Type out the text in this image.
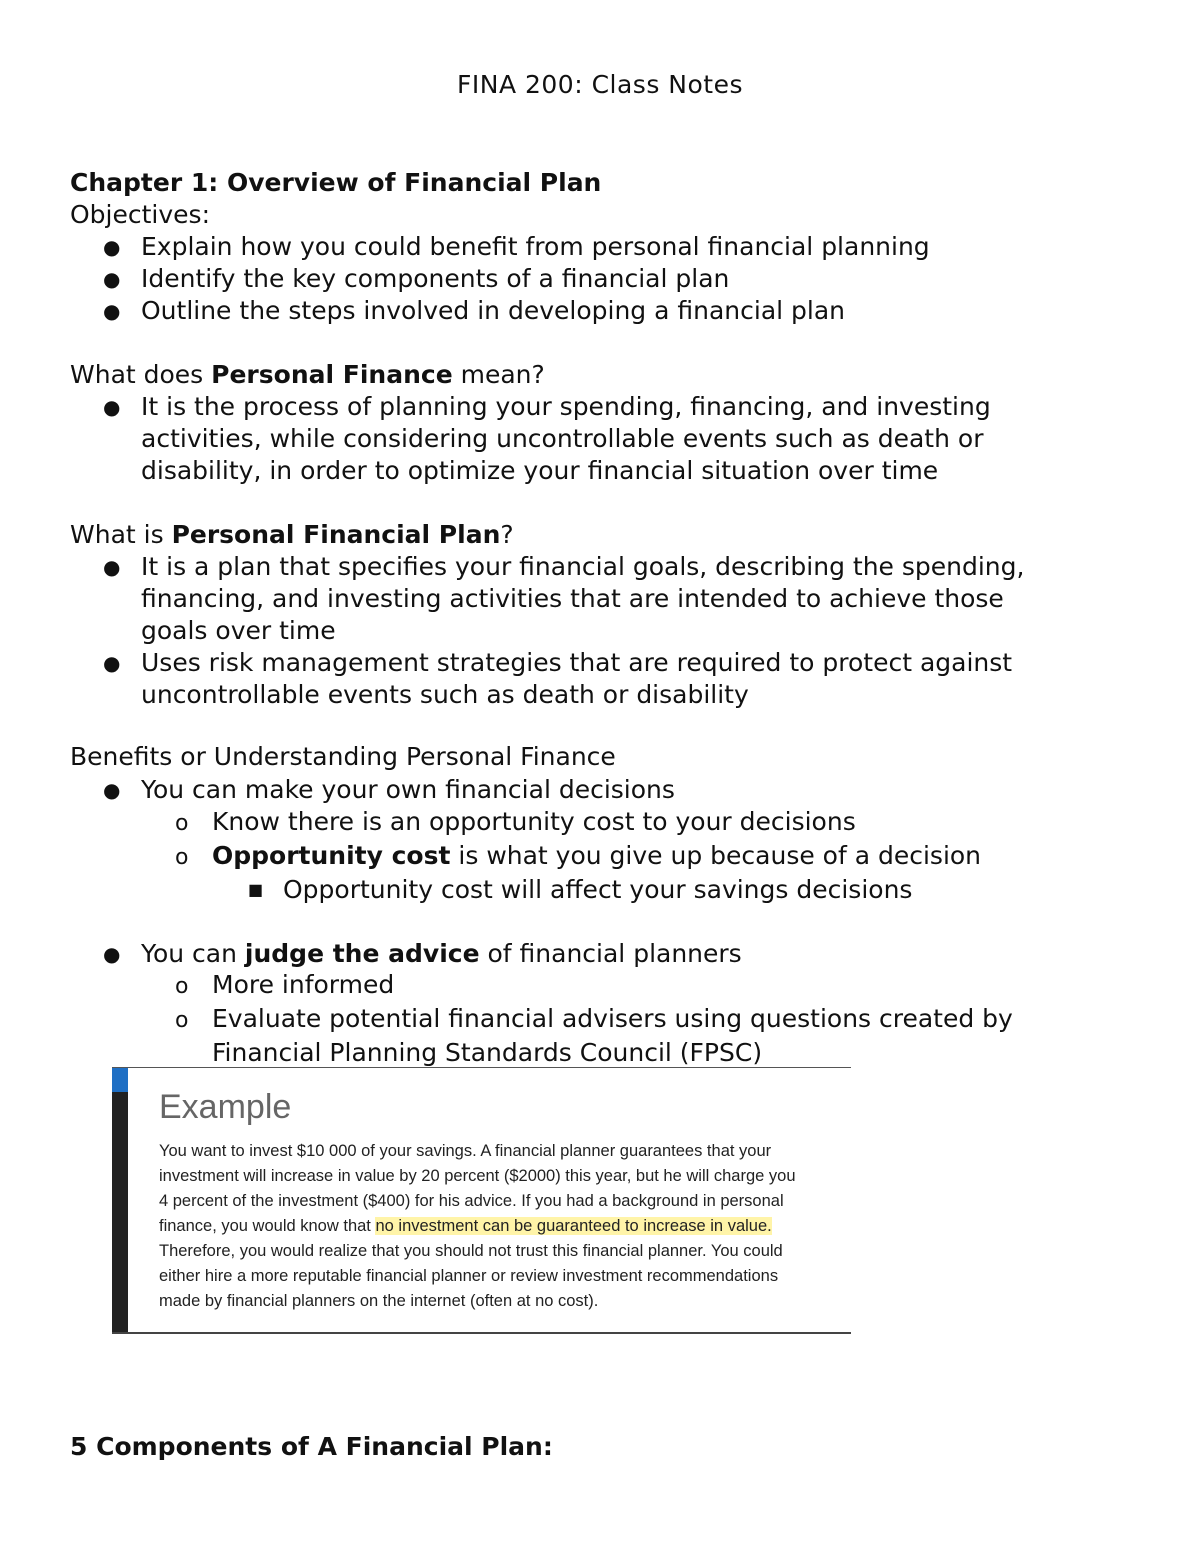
FINA 200: Class Notes
Chapter 1: Overview of Financial Plan
Objectives:
● Explain how you could benefit from personal financial planning
● Identify the key components of a financial plan
● Outline the steps involved in developing a financial plan
What does Personal Finance mean?
● It is the process of planning your spending, financing, and investing
activities, while considering uncontrollable events such as death or
disability, in order to optimize your financial situation over time
What is Personal Financial Plan?
● It is a plan that specifies your financial goals, describing the spending,
financing, and investing activities that are intended to achieve those
goals over time
● Uses risk management strategies that are required to protect against
uncontrollable events such as death or disability
Benefits or Understanding Personal Finance
● You can make your own financial decisions
o Know there is an opportunity cost to your decisions
o Opportunity cost is what you give up because of a decision
■ Opportunity cost will affect your savings decisions
● You can judge the advice of financial planners
o More informed
o Evaluate potential financial advisers using questions created by
Financial Planning Standards Council (FPSC)
Example
You want to invest $10 000 of your savings. A financial planner guarantees that your
investment will increase in value by 20 percent ($2000) this year, but he will charge you
4 percent of the investment ($400) for his advice. If you had a background in personal
finance, you would know that no investment can be guaranteed to increase in value.
Therefore, you would realize that you should not trust this financial planner. You could
either hire a more reputable financial planner or review investment recommendations
made by financial planners on the internet (often at no cost).
5 Components of A Financial Plan:
